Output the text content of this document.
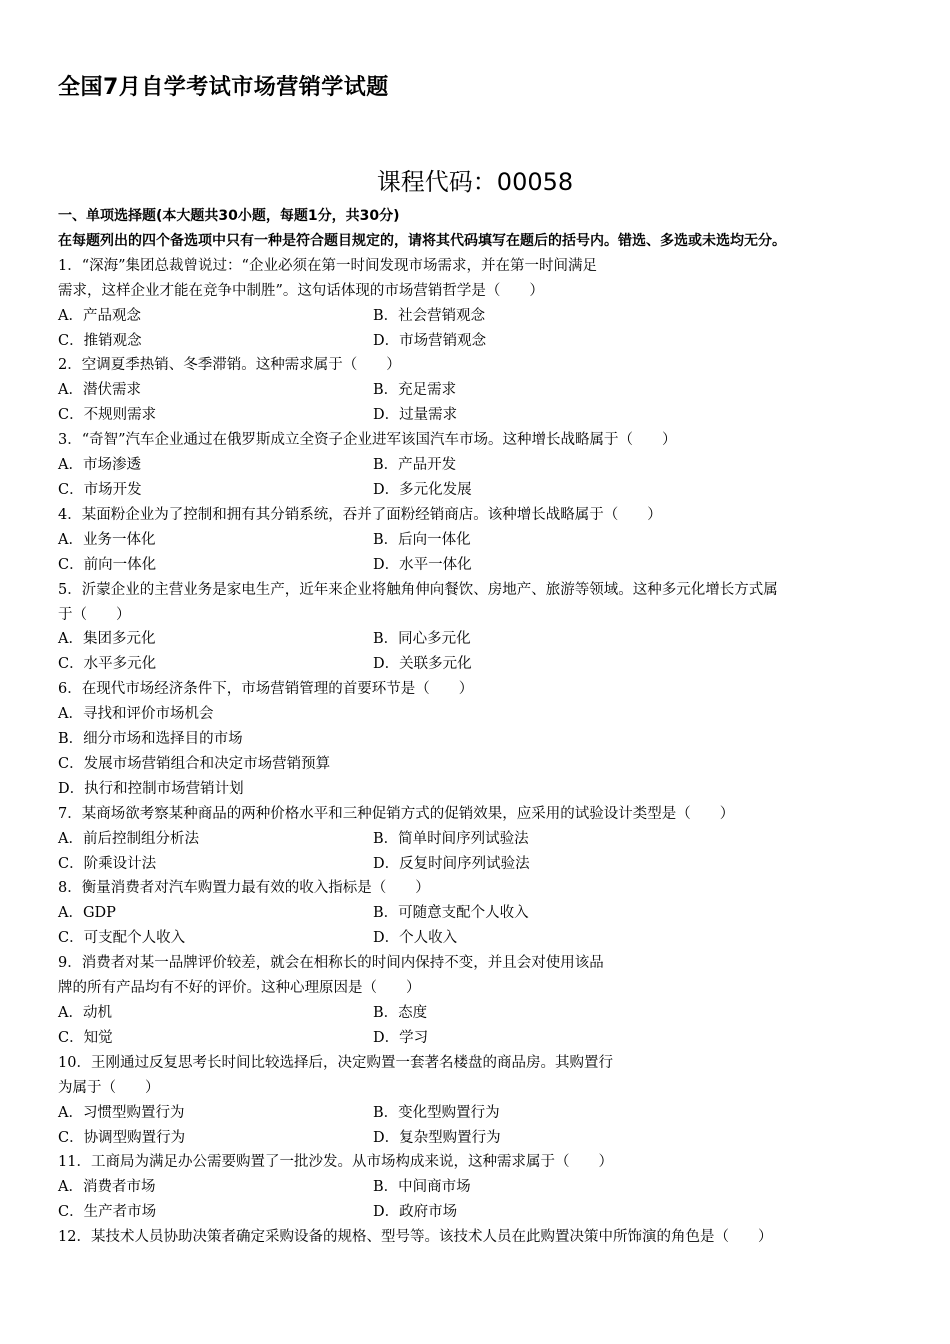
全国7月自学考试市场营销学试题
课程代码：00058
一、单项选择题(本大题共30小题，每题1分，共30分)
在每题列出的四个备选项中只有一种是符合题目规定的，请将其代码填写在题后的括号内。错选、多选或未选均无分。
1．“深海”集团总裁曾说过：“企业必须在第一时间发现市场需求，并在第一时间满足
需求，这样企业才能在竞争中制胜”。这句话体现的市场营销哲学是（　　）
A．产品观念	B．社会营销观念
C．推销观念	D．市场营销观念
2．空调夏季热销、冬季滞销。这种需求属于（　　）
A．潜伏需求	B．充足需求
C．不规则需求	D．过量需求
3．“奇智”汽车企业通过在俄罗斯成立全资子企业进军该国汽车市场。这种增长战略属于（　　）
A．市场渗透	B．产品开发
C．市场开发	D．多元化发展
4．某面粉企业为了控制和拥有其分销系统，吞并了面粉经销商店。该种增长战略属于（　　）
A．业务一体化	B．后向一体化
C．前向一体化	D．水平一体化
5．沂蒙企业的主营业务是家电生产，近年来企业将触角伸向餐饮、房地产、旅游等领域。这种多元化增长方式属
于（　　）
A．集团多元化	B．同心多元化
C．水平多元化	D．关联多元化
6．在现代市场经济条件下，市场营销管理的首要环节是（　　）
A．寻找和评价市场机会
B．细分市场和选择目的市场
C．发展市场营销组合和决定市场营销预算
D．执行和控制市场营销计划
7．某商场欲考察某种商品的两种价格水平和三种促销方式的促销效果，应采用的试验设计类型是（　　）
A．前后控制组分析法	B．简单时间序列试验法
C．阶乘设计法	D．反复时间序列试验法
8．衡量消费者对汽车购置力最有效的收入指标是（　　）
A．GDP	B．可随意支配个人收入
C．可支配个人收入	D．个人收入
9．消费者对某一品牌评价较差，就会在相称长的时间内保持不变，并且会对使用该品
牌的所有产品均有不好的评价。这种心理原因是（　　）
A．动机	B．态度
C．知觉	D．学习
10．王刚通过反复思考长时间比较选择后，决定购置一套著名楼盘的商品房。其购置行
为属于（　　）
A．习惯型购置行为	B．变化型购置行为
C．协调型购置行为	D．复杂型购置行为
11．工商局为满足办公需要购置了一批沙发。从市场构成来说，这种需求属于（　　）
A．消费者市场	B．中间商市场
C．生产者市场	D．政府市场
12．某技术人员协助决策者确定采购设备的规格、型号等。该技术人员在此购置决策中所饰演的角色是（　　）
